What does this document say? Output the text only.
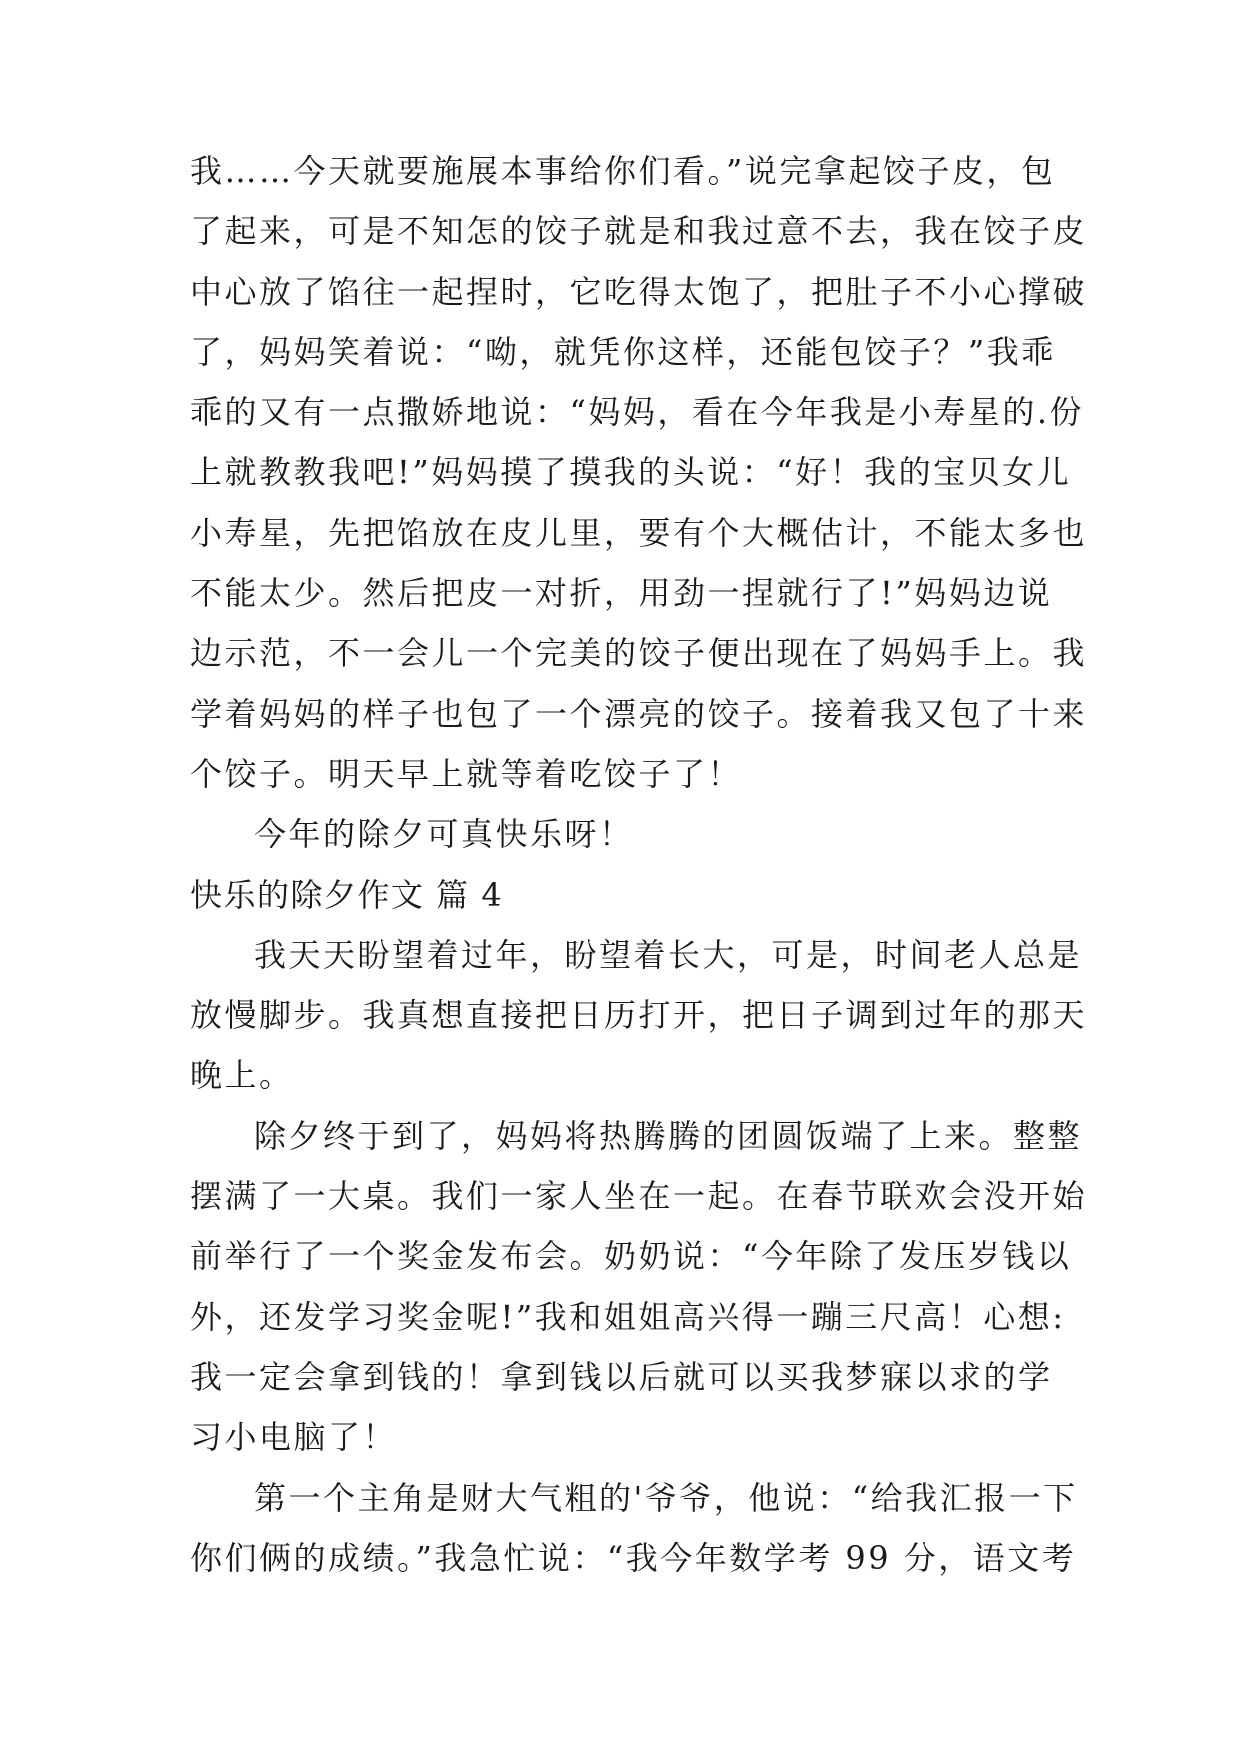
我……今天就要施展本事给你们看。”说完拿起饺子皮，包
了起来，可是不知怎的饺子就是和我过意不去，我在饺子皮
中心放了馅往一起捏时，它吃得太饱了，把肚子不小心撑破
了，妈妈笑着说：“呦，就凭你这样，还能包饺子？”我乖
乖的又有一点撒娇地说：“妈妈，看在今年我是小寿星的.份
上就教教我吧!”妈妈摸了摸我的头说：“好！我的宝贝女儿
小寿星，先把馅放在皮儿里，要有个大概估计，不能太多也
不能太少。然后把皮一对折，用劲一捏就行了!”妈妈边说
边示范，不一会儿一个完美的饺子便出现在了妈妈手上。我
学着妈妈的样子也包了一个漂亮的饺子。接着我又包了十来
个饺子。明天早上就等着吃饺子了！
今年的除夕可真快乐呀！
快乐的除夕作文 篇 4
我天天盼望着过年，盼望着长大，可是，时间老人总是
放慢脚步。我真想直接把日历打开，把日子调到过年的那天
晚上。
除夕终于到了，妈妈将热腾腾的团圆饭端了上来。整整
摆满了一大桌。我们一家人坐在一起。在春节联欢会没开始
前举行了一个奖金发布会。奶奶说：“今年除了发压岁钱以
外，还发学习奖金呢!”我和姐姐高兴得一蹦三尺高！心想:
我一定会拿到钱的！拿到钱以后就可以买我梦寐以求的学
习小电脑了！
第一个主角是财大气粗的'爷爷，他说：“给我汇报一下
你们俩的成绩。”我急忙说：“我今年数学考 99 分，语文考
